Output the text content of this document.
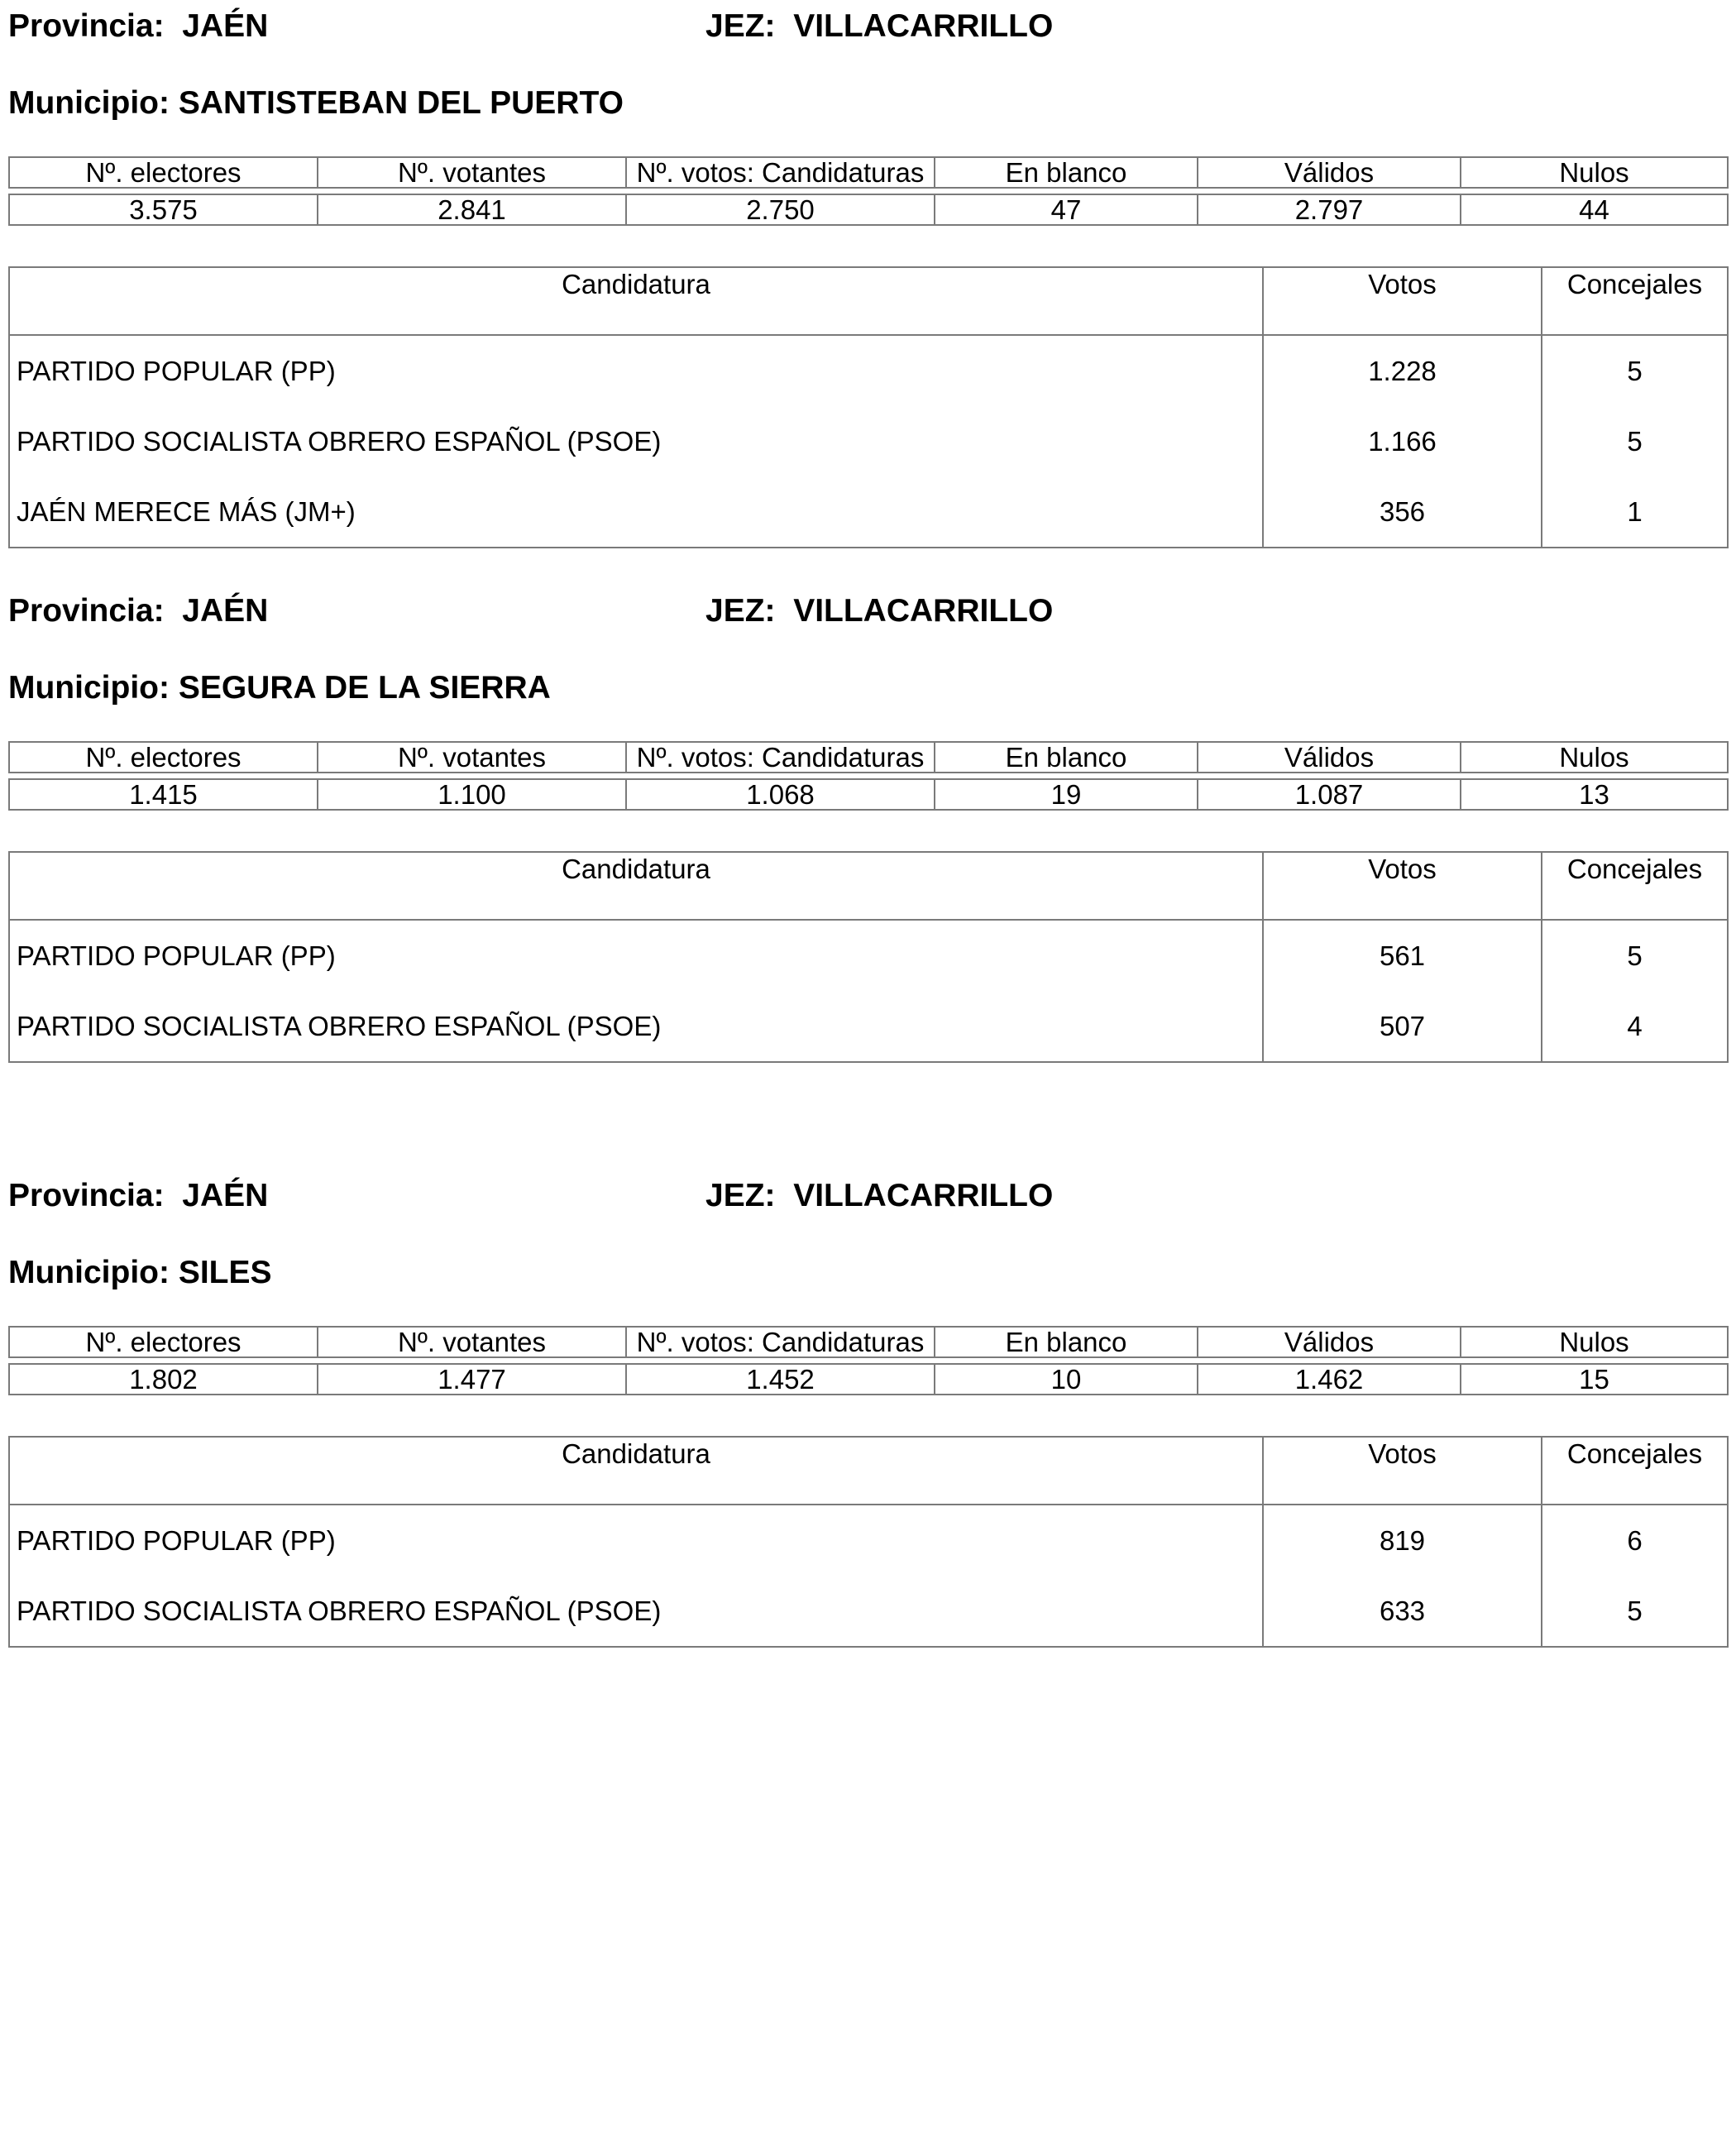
Provincia: JAÉN	JEZ: VILLACARRILLO
Municipio: SANTISTEBAN DEL PUERTO
Nº. electores	Nº. votantes	Nº. votos: Candidaturas	En blanco	Válidos	Nulos

3.575	2.841	2.750	47	2.797	44
Candidatura	Votos	Concejales
PARTIDO POPULAR (PP)	1.228	5
PARTIDO SOCIALISTA OBRERO ESPAÑOL (PSOE)	1.166	5
JAÉN MERECE MÁS (JM+)	356	1
Provincia: JAÉN	JEZ: VILLACARRILLO
Municipio: SEGURA DE LA SIERRA
Nº. electores	Nº. votantes	Nº. votos: Candidaturas	En blanco	Válidos	Nulos

1.415	1.100	1.068	19	1.087	13
Candidatura	Votos	Concejales
PARTIDO POPULAR (PP)	561	5
PARTIDO SOCIALISTA OBRERO ESPAÑOL (PSOE)	507	4
Provincia: JAÉN	JEZ: VILLACARRILLO
Municipio: SILES
Nº. electores	Nº. votantes	Nº. votos: Candidaturas	En blanco	Válidos	Nulos

1.802	1.477	1.452	10	1.462	15
Candidatura	Votos	Concejales
PARTIDO POPULAR (PP)	819	6
PARTIDO SOCIALISTA OBRERO ESPAÑOL (PSOE)	633	5
